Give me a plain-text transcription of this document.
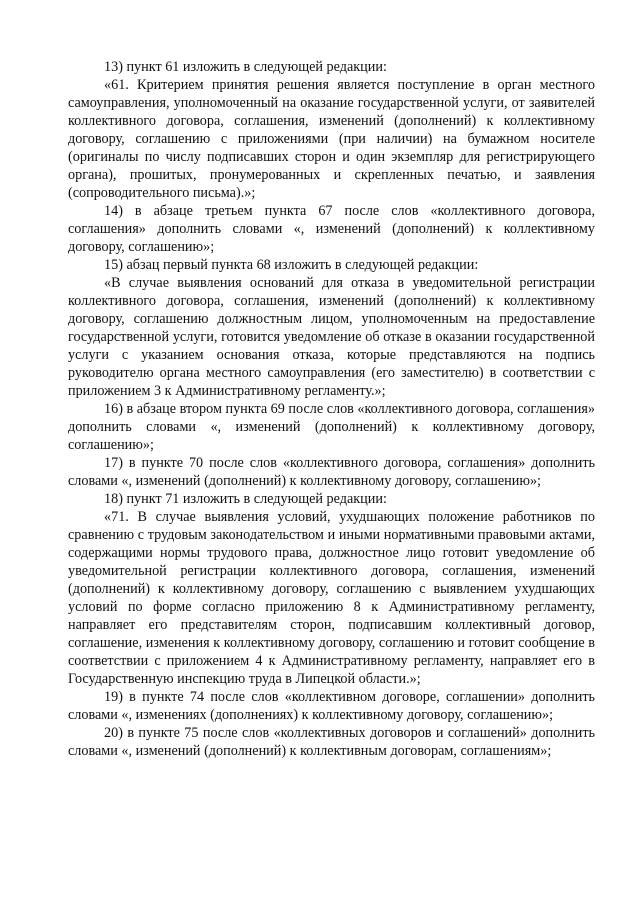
13) пункт 61 изложить в следующей редакции:

«61. Критерием принятия решения является поступление в орган местного самоуправления, уполномоченный на оказание государственной услуги, от заявителей коллективного договора, соглашения, изменений (дополнений) к коллективному договору, соглашению с приложениями (при наличии) на бумажном носителе (оригиналы по числу подписавших сторон и один экземпляр для регистрирующего органа), прошитых, пронумерованных и скрепленных печатью, и заявления (сопроводительного письма).»;

14) в абзаце третьем пункта 67 после слов «коллективного договора, соглашения» дополнить словами «, изменений (дополнений) к коллективному договору, соглашению»;

15) абзац первый пункта 68 изложить в следующей редакции:

«В случае выявления оснований для отказа в уведомительной регистрации коллективного договора, соглашения, изменений (дополнений) к коллективному договору, соглашению должностным лицом, уполномоченным на предоставление государственной услуги, готовится уведомление об отказе в оказании государственной услуги с указанием основания отказа, которые представляются на подпись руководителю органа местного самоуправления (его заместителю) в соответствии с приложением 3 к Административному регламенту.»;

16) в абзаце втором пункта 69 после слов «коллективного договора, соглашения» дополнить словами «, изменений (дополнений) к коллективному договору, соглашению»;

17) в пункте 70 после слов «коллективного договора, соглашения» дополнить словами «, изменений (дополнений) к коллективному договору, соглашению»;

18) пункт 71 изложить в следующей редакции:

«71. В случае выявления условий, ухудшающих положение работников по сравнению с трудовым законодательством и иными нормативными правовыми актами, содержащими нормы трудового права, должностное лицо готовит уведомление об уведомительной регистрации коллективного договора, соглашения, изменений (дополнений) к коллективному договору, соглашению с выявлением ухудшающих условий по форме согласно приложению 8 к Административному регламенту, направляет его представителям сторон, подписавшим коллективный договор, соглашение, изменения к коллективному договору, соглашению и готовит сообщение в соответствии с приложением 4 к Административному регламенту, направляет его в Государственную инспекцию труда в Липецкой области.»;

19) в пункте 74 после слов «коллективном договоре, соглашении» дополнить словами «, изменениях (дополнениях) к коллективному договору, соглашению»;

20) в пункте 75 после слов «коллективных договоров и соглашений» дополнить словами «, изменений (дополнений) к коллективным договорам, соглашениям»;
